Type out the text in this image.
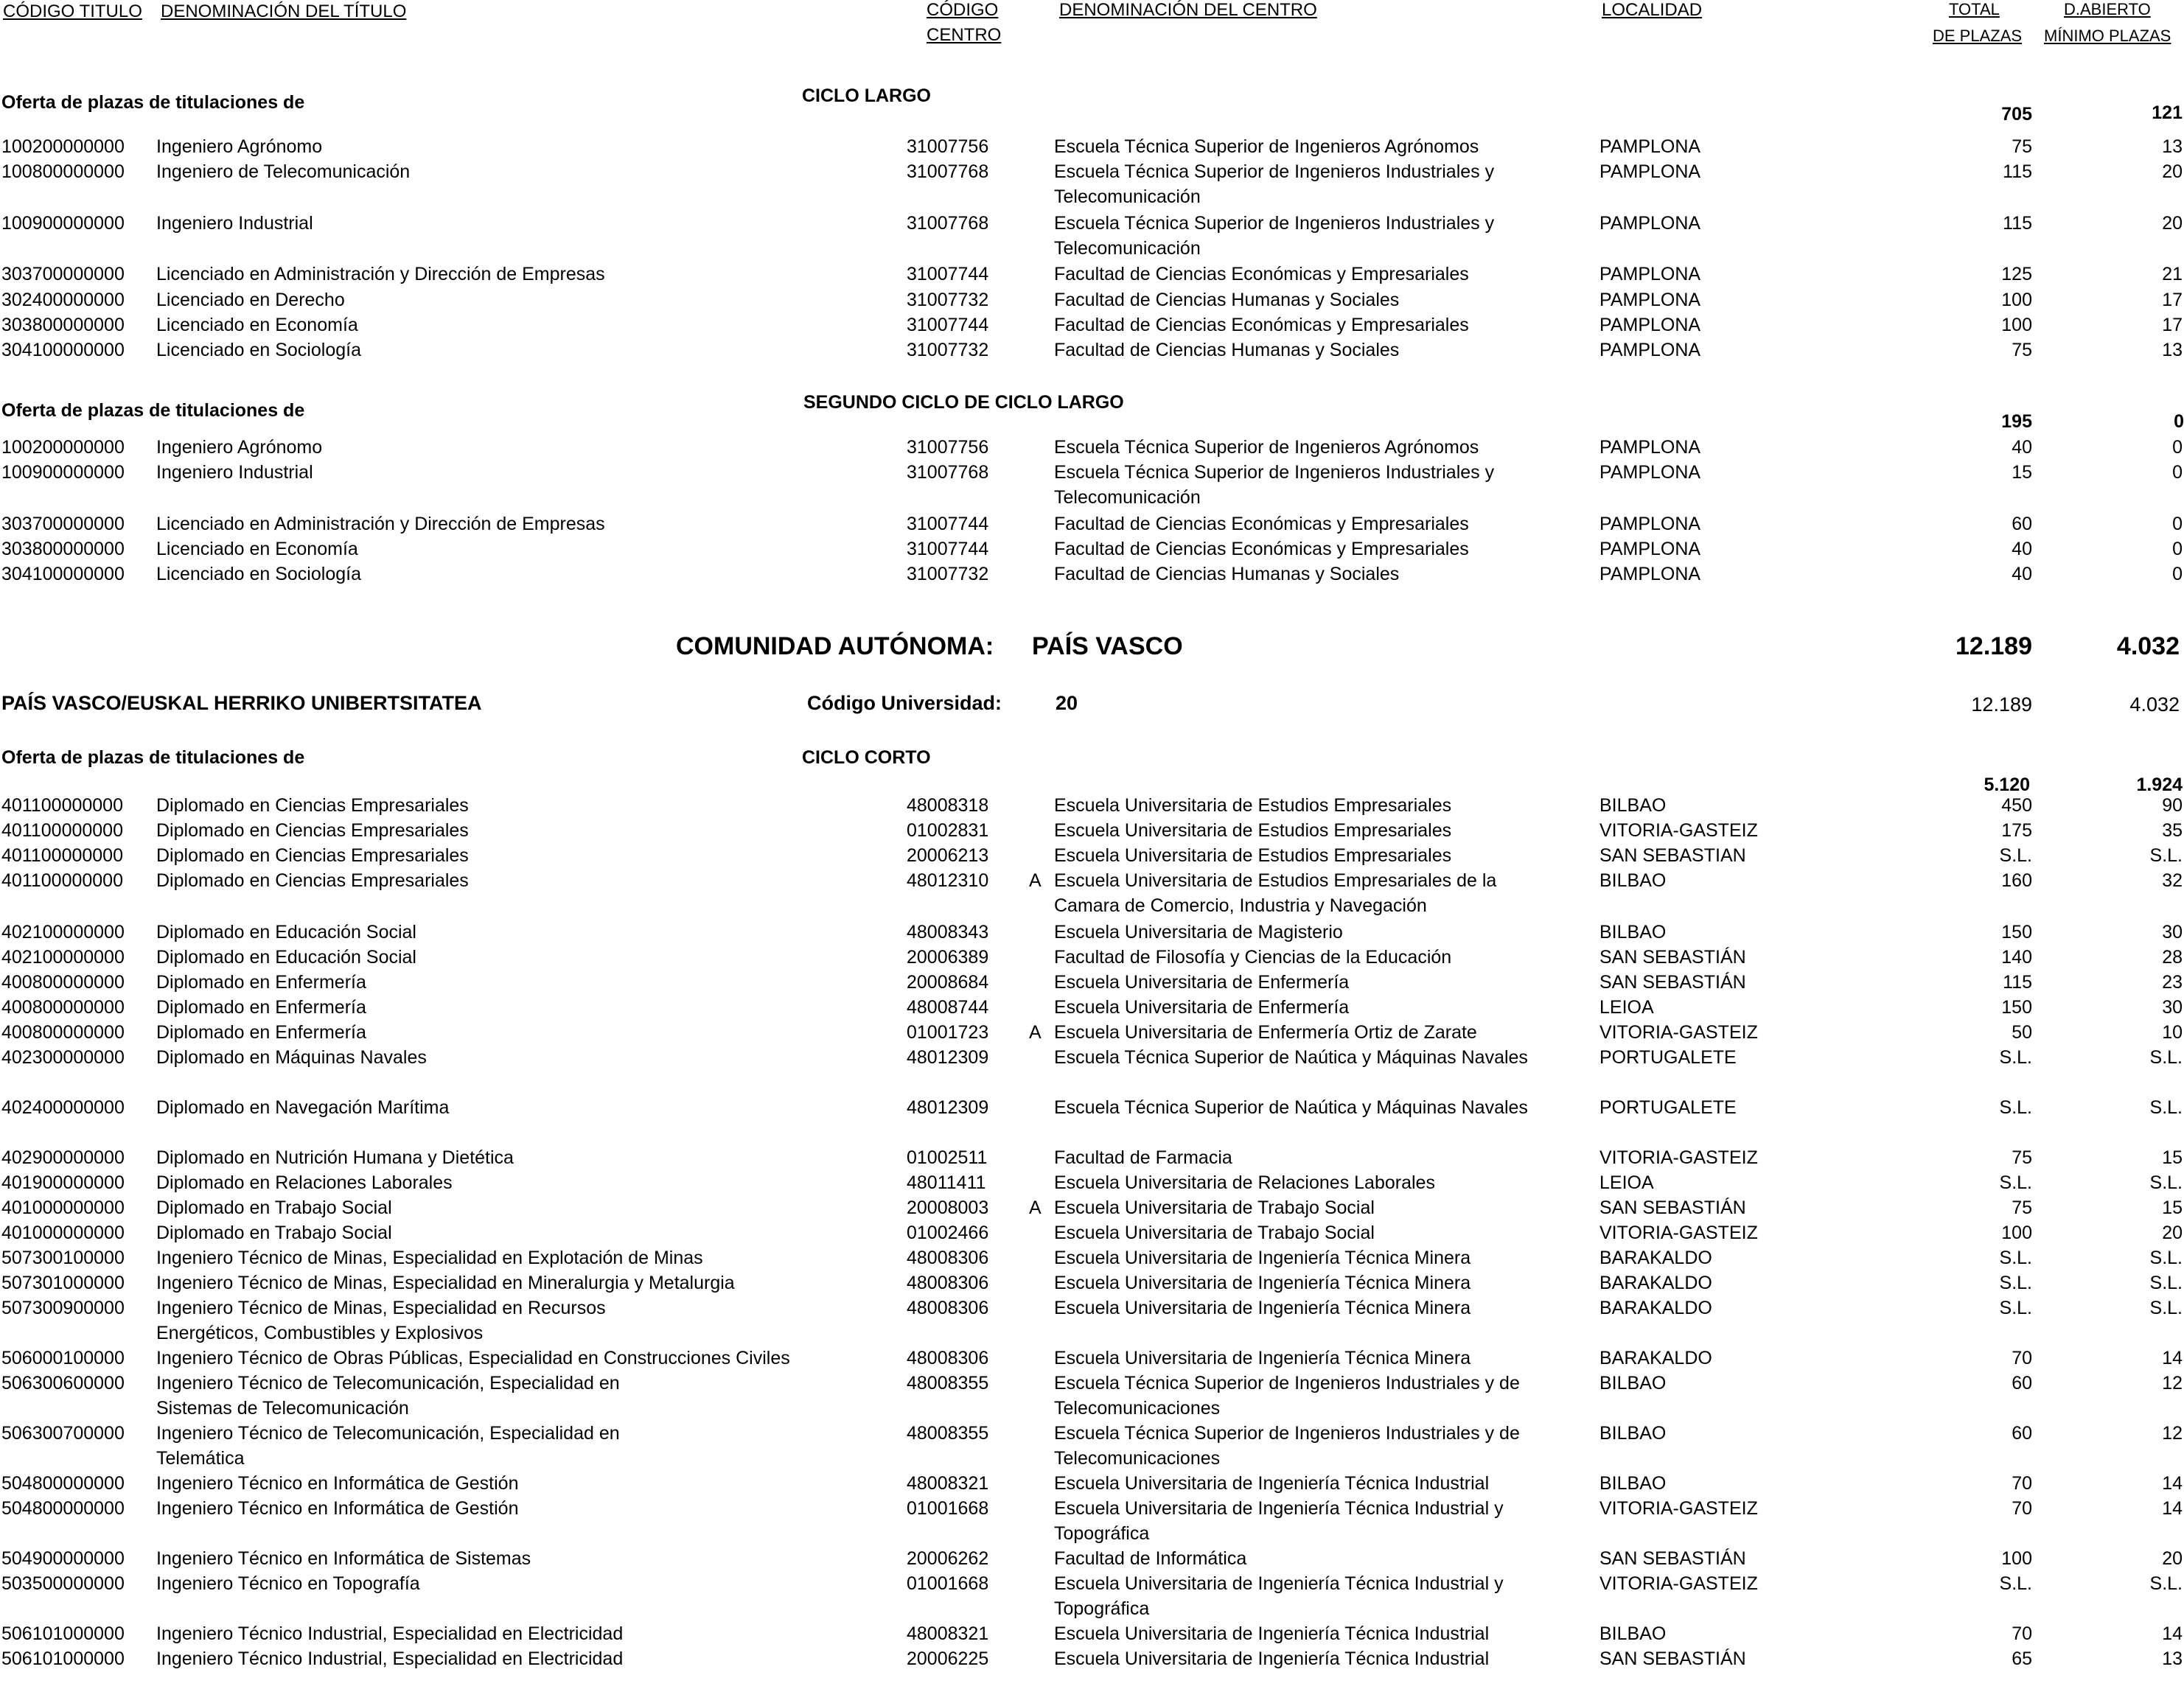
CÓDIGO TITULO DENOMINACIÓN DEL TÍTULO	CÓDIGO
CENTRO
DENOMINACIÓN DEL CENTRO	LOCALIDAD	TOTAL
DE PLAZAS
D.ABIERTO
MÍNIMO PLAZAS
Oferta de plazas de titulaciones de	CICLO LARGO
705	121
100200000000 Ingeniero Agrónomo	31007756	Escuela Técnica Superior de Ingenieros Agrónomos	PAMPLONA	75	13
100800000000 Ingeniero de Telecomunicación	31007768	Escuela Técnica Superior de Ingenieros Industriales y
Telecomunicación
PAMPLONA	115	20
100900000000 Ingeniero Industrial	31007768	Escuela Técnica Superior de Ingenieros Industriales y
Telecomunicación
PAMPLONA	115	20
303700000000 Licenciado en Administración y Dirección de Empresas	31007744	Facultad de Ciencias Económicas y Empresariales	PAMPLONA	125	21
302400000000 Licenciado en Derecho	31007732	Facultad de Ciencias Humanas y Sociales	PAMPLONA	100	17
303800000000 Licenciado en Economía	31007744	Facultad de Ciencias Económicas y Empresariales	PAMPLONA	100	17
304100000000 Licenciado en Sociología	31007732	Facultad de Ciencias Humanas y Sociales	PAMPLONA	75	13
Oferta de plazas de titulaciones de	SEGUNDO CICLO DE CICLO LARGO
195	0
100200000000 Ingeniero Agrónomo	31007756	Escuela Técnica Superior de Ingenieros Agrónomos	PAMPLONA	40	0
100900000000 Ingeniero Industrial	31007768	Escuela Técnica Superior de Ingenieros Industriales y
Telecomunicación
PAMPLONA	15	0
303700000000 Licenciado en Administración y Dirección de Empresas	31007744	Facultad de Ciencias Económicas y Empresariales	PAMPLONA	60	0
303800000000 Licenciado en Economía	31007744	Facultad de Ciencias Económicas y Empresariales	PAMPLONA	40	0
304100000000 Licenciado en Sociología	31007732	Facultad de Ciencias Humanas y Sociales	PAMPLONA	40	0
COMUNIDAD AUTÓNOMA: PAÍS VASCO	12.189	4.032
PAÍS VASCO/EUSKAL HERRIKO UNIBERTSITATEA	Código Universidad:	20	12.189	4.032
Oferta de plazas de titulaciones de	CICLO CORTO
5.120	1.924
401100000000 Diplomado en Ciencias Empresariales	48008318	Escuela Universitaria de Estudios Empresariales	BILBAO	450	90
401100000000 Diplomado en Ciencias Empresariales	01002831	Escuela Universitaria de Estudios Empresariales	VITORIA-GASTEIZ	175	35
401100000000 Diplomado en Ciencias Empresariales	20006213	Escuela Universitaria de Estudios Empresariales	SAN SEBASTIAN	S.L.	S.L.
401100000000 Diplomado en Ciencias Empresariales	48012310 A Escuela Universitaria de Estudios Empresariales de la
Camara de Comercio, Industria y Navegación
BILBAO	160	32
402100000000 Diplomado en Educación Social	48008343	Escuela Universitaria de Magisterio	BILBAO	150	30
402100000000 Diplomado en Educación Social	20006389	Facultad de Filosofía y Ciencias de la Educación	SAN SEBASTIÁN	140	28
400800000000 Diplomado en Enfermería	20008684	Escuela Universitaria de Enfermería	SAN SEBASTIÁN	115	23
400800000000 Diplomado en Enfermería	48008744	Escuela Universitaria de Enfermería	LEIOA	150	30
400800000000 Diplomado en Enfermería	01001723 A Escuela Universitaria de Enfermería Ortiz de Zarate	VITORIA-GASTEIZ	50	10
402300000000 Diplomado en Máquinas Navales	48012309	Escuela Técnica Superior de Naútica y Máquinas Navales	PORTUGALETE	S.L.	S.L.
402400000000 Diplomado en Navegación Marítima	48012309	Escuela Técnica Superior de Naútica y Máquinas Navales	PORTUGALETE	S.L.	S.L.
402900000000 Diplomado en Nutrición Humana y Dietética	01002511	Facultad de Farmacia	VITORIA-GASTEIZ	75	15
401900000000 Diplomado en Relaciones Laborales	48011411	Escuela Universitaria de Relaciones Laborales	LEIOA	S.L.	S.L.
401000000000 Diplomado en Trabajo Social	20008003 A Escuela Universitaria de Trabajo Social	SAN SEBASTIÁN	75	15
401000000000 Diplomado en Trabajo Social	01002466	Escuela Universitaria de Trabajo Social	VITORIA-GASTEIZ	100	20
507300100000 Ingeniero Técnico de Minas, Especialidad en Explotación de Minas	48008306	Escuela Universitaria de Ingeniería Técnica Minera	BARAKALDO	S.L.	S.L.
507301000000 Ingeniero Técnico de Minas, Especialidad en Mineralurgia y Metalurgia	48008306	Escuela Universitaria de Ingeniería Técnica Minera	BARAKALDO	S.L.	S.L.
507300900000 Ingeniero Técnico de Minas, Especialidad en Recursos
Energéticos, Combustibles y Explosivos
48008306	Escuela Universitaria de Ingeniería Técnica Minera	BARAKALDO	S.L.	S.L.
506000100000 Ingeniero Técnico de Obras Públicas, Especialidad en Construcciones Civiles	48008306	Escuela Universitaria de Ingeniería Técnica Minera	BARAKALDO	70	14
506300600000 Ingeniero Técnico de Telecomunicación, Especialidad en
Sistemas de Telecomunicación
48008355	Escuela Técnica Superior de Ingenieros Industriales y de
Telecomunicaciones
BILBAO	60	12
506300700000 Ingeniero Técnico de Telecomunicación, Especialidad en
Telemática
48008355	Escuela Técnica Superior de Ingenieros Industriales y de
Telecomunicaciones
BILBAO	60	12
504800000000 Ingeniero Técnico en Informática de Gestión	48008321	Escuela Universitaria de Ingeniería Técnica Industrial	BILBAO	70	14
504800000000 Ingeniero Técnico en Informática de Gestión	01001668	Escuela Universitaria de Ingeniería Técnica Industrial y
Topográfica
VITORIA-GASTEIZ	70	14
504900000000 Ingeniero Técnico en Informática de Sistemas	20006262	Facultad de Informática	SAN SEBASTIÁN	100	20
503500000000 Ingeniero Técnico en Topografía	01001668	Escuela Universitaria de Ingeniería Técnica Industrial y
Topográfica
VITORIA-GASTEIZ	S.L.	S.L.
506101000000 Ingeniero Técnico Industrial, Especialidad en Electricidad	48008321	Escuela Universitaria de Ingeniería Técnica Industrial	BILBAO	70	14
506101000000 Ingeniero Técnico Industrial, Especialidad en Electricidad	20006225	Escuela Universitaria de Ingeniería Técnica Industrial	SAN SEBASTIÁN	65	13
